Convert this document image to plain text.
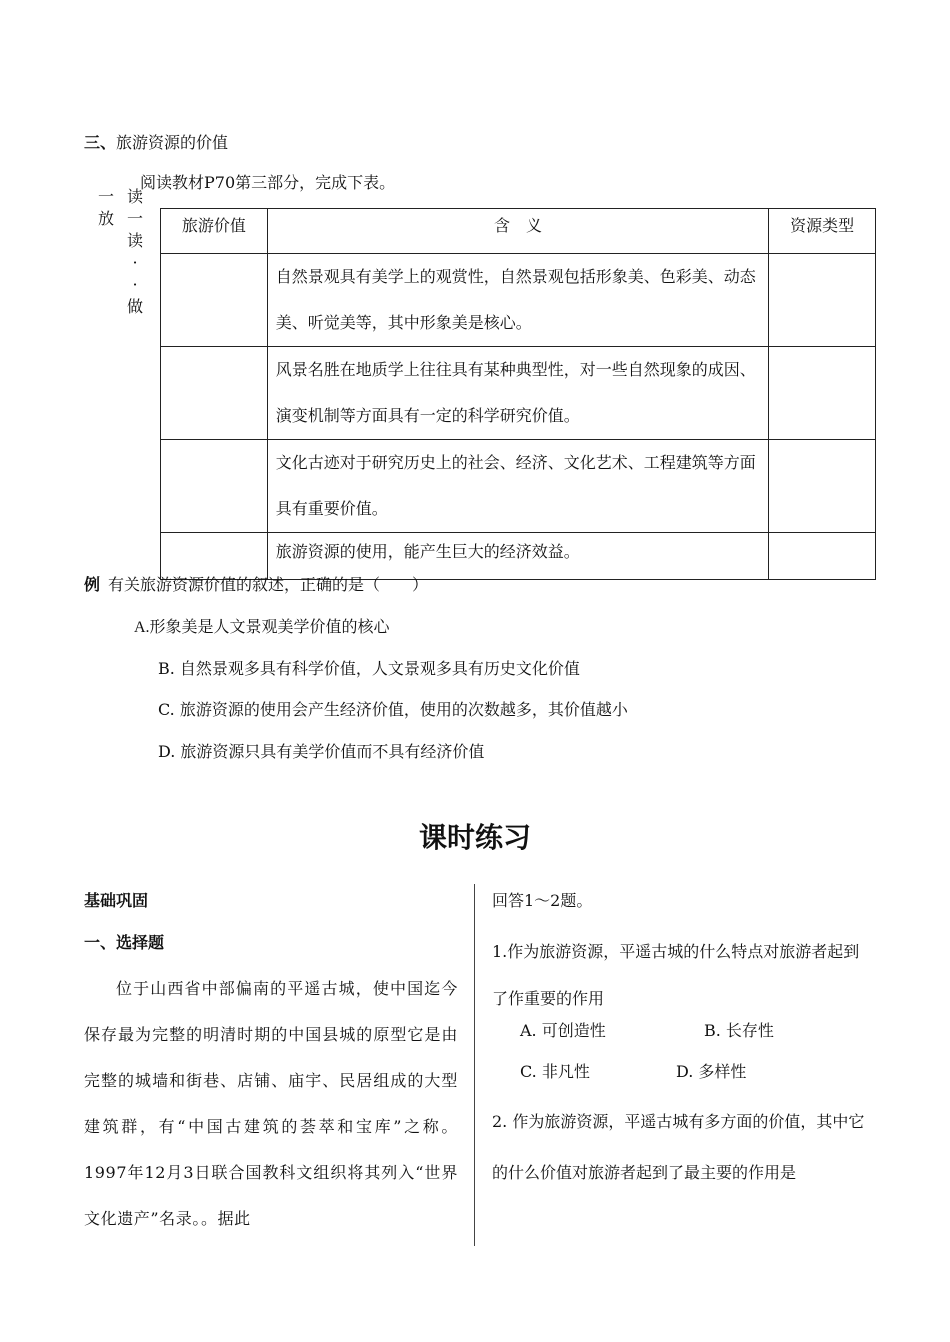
三、旅游资源的价值
阅读教材P70第三部分，完成下表。
一
放
读
一
读
·
·
做
旅游价值	含　义	资源类型
	自然景观具有美学上的观赏性，自然景观包括形象美、色彩美、动态美、听觉美等，其中形象美是核心。	
	风景名胜在地质学上往往具有某种典型性，对一些自然现象的成因、演变机制等方面具有一定的科学研究价值。	
	文化古迹对于研究历史上的社会、经济、文化艺术、工程建筑等方面具有重要价值。	
	旅游资源的使用，能产生巨大的经济效益。	
例 有关旅游资源价值的叙述，正确的是（　　）
A.形象美是人文景观美学价值的核心
B. 自然景观多具有科学价值，人文景观多具有历史文化价值
C. 旅游资源的使用会产生经济价值，使用的次数越多，其价值越小
D. 旅游资源只具有美学价值而不具有经济价值
课时练习
基础巩固
一、选择题

位于山西省中部偏南的平遥古城，使中国迄今保存最为完整的明清时期的中国县城的原型它是由完整的城墙和街巷、店铺、庙宇、民居组成的大型建筑群，有“中国古建筑的荟萃和宝库”之称。1997年12月3日联合国教科文组织将其列入“世界文化遗产”名录。。据此

回答1～2题。
1.作为旅游资源，平遥古城的什么特点对旅游者起到了作重要的作用
A. 可创造性	B. 长存性
C. 非凡性	D. 多样性
2. 作为旅游资源，平遥古城有多方面的价值，其中它的什么价值对旅游者起到了最主要的作用是
